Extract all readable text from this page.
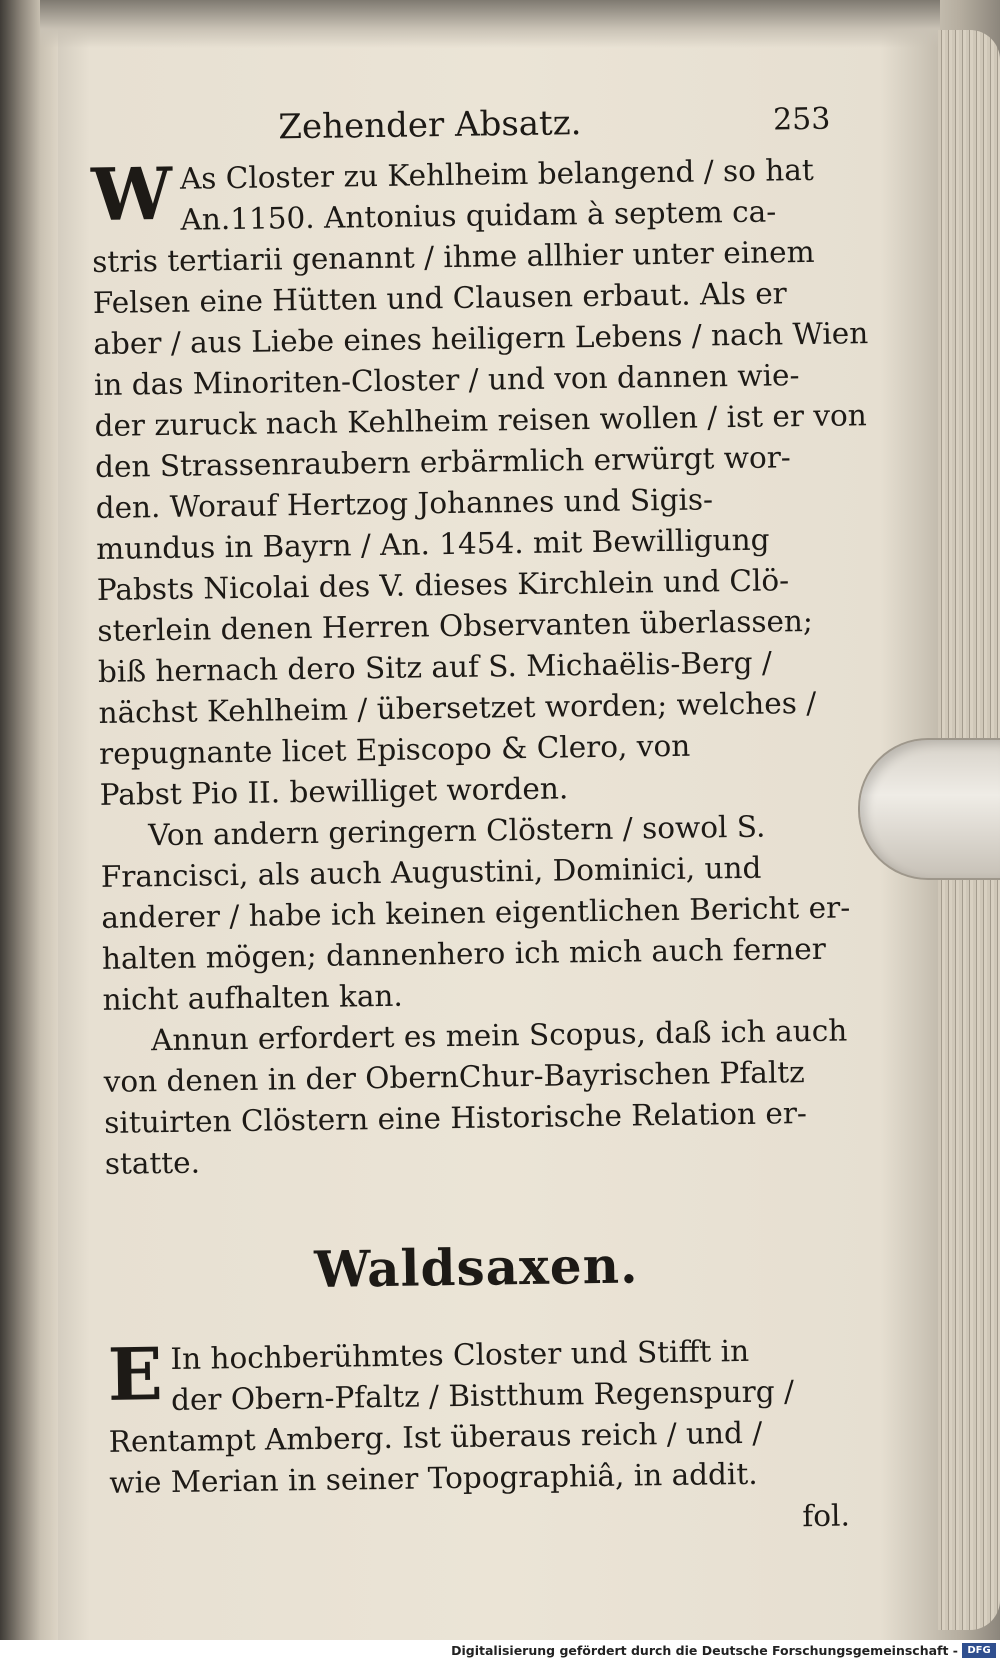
Zehender Absatz.	253

W As Closter zu Kehlheim belangend / so hat
An.1150. Antonius quidam à septem ca-
stris tertiarii genannt / ihme allhier unter einem
Felsen eine Hütten und Clausen erbaut. Als er
aber / aus Liebe eines heiligern Lebens / nach Wien
in das Minoriten-Closter / und von dannen wie-
der zuruck nach Kehlheim reisen wollen / ist er von
den Strassenraubern erbärmlich erwürgt wor-
den. Worauf Hertzog Johannes und Sigis-
mundus in Bayrn / An. 1454. mit Bewilligung
Pabsts Nicolai des V. dieses Kirchlein und Clö-
sterlein denen Herren Observanten überlassen;
biß hernach dero Sitz auf S. Michaëlis-Berg /
nächst Kehlheim / übersetzet worden; welches /
repugnante licet Episcopo & Clero, von
Pabst Pio II. bewilliget worden.

Von andern geringern Clöstern / sowol S.
Francisci, als auch Augustini, Dominici, und
anderer / habe ich keinen eigentlichen Bericht er-
halten mögen; dannenhero ich mich auch ferner
nicht aufhalten kan.

Annun erfordert es mein Scopus, daß ich auch
von denen in der ObernChur-Bayrischen Pfaltz
situirten Clöstern eine Historische Relation er-
statte.

Waldsaxen.

E In hochberühmtes Closter und Stifft in
der Obern-Pfaltz / Bistthum Regenspurg /
Rentampt Amberg. Ist überaus reich / und /
wie Merian in seiner Topographiâ, in addit.

fol.
Digitalisierung gefördert durch die Deutsche Forschungsgemeinschaft - DFG
